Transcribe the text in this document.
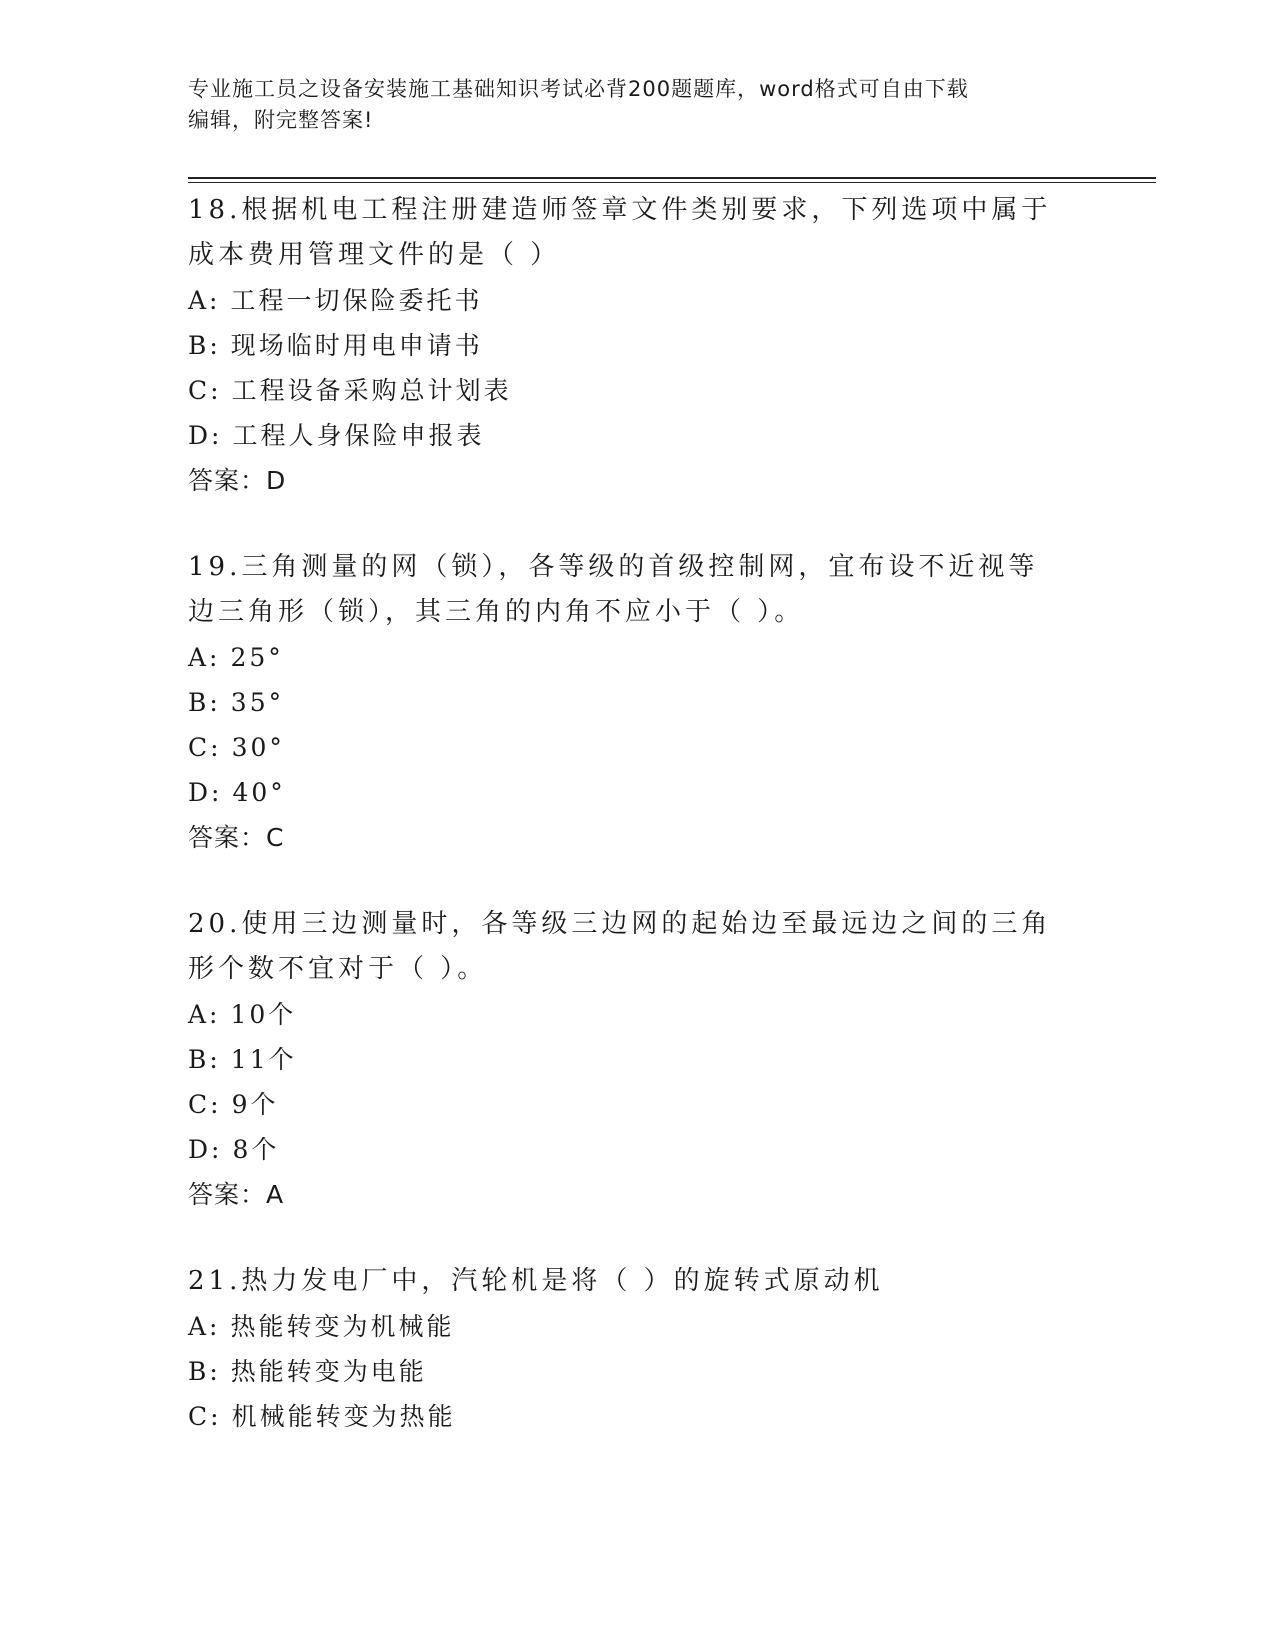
专业施工员之设备安装施工基础知识考试必背200题题库，word格式可自由下载
编辑，附完整答案!

18.根据机电工程注册建造师签章文件类别要求，下列选项中属于成本费用管理文件的是（ ）

A: 工程一切保险委托书

B: 现场临时用电申请书

C: 工程设备采购总计划表

D: 工程人身保险申报表

答案：D

19.三角测量的网（锁），各等级的首级控制网，宜布设不近视等边三角形（锁），其三角的内角不应小于（ ）。

A: 25°

B: 35°

C: 30°

D: 40°

答案：C

20.使用三边测量时，各等级三边网的起始边至最远边之间的三角形个数不宜对于（ ）。

A: 10个

B: 11个

C: 9个

D: 8个

答案：A

21.热力发电厂中，汽轮机是将（ ）的旋转式原动机

A: 热能转变为机械能

B: 热能转变为电能

C: 机械能转变为热能
